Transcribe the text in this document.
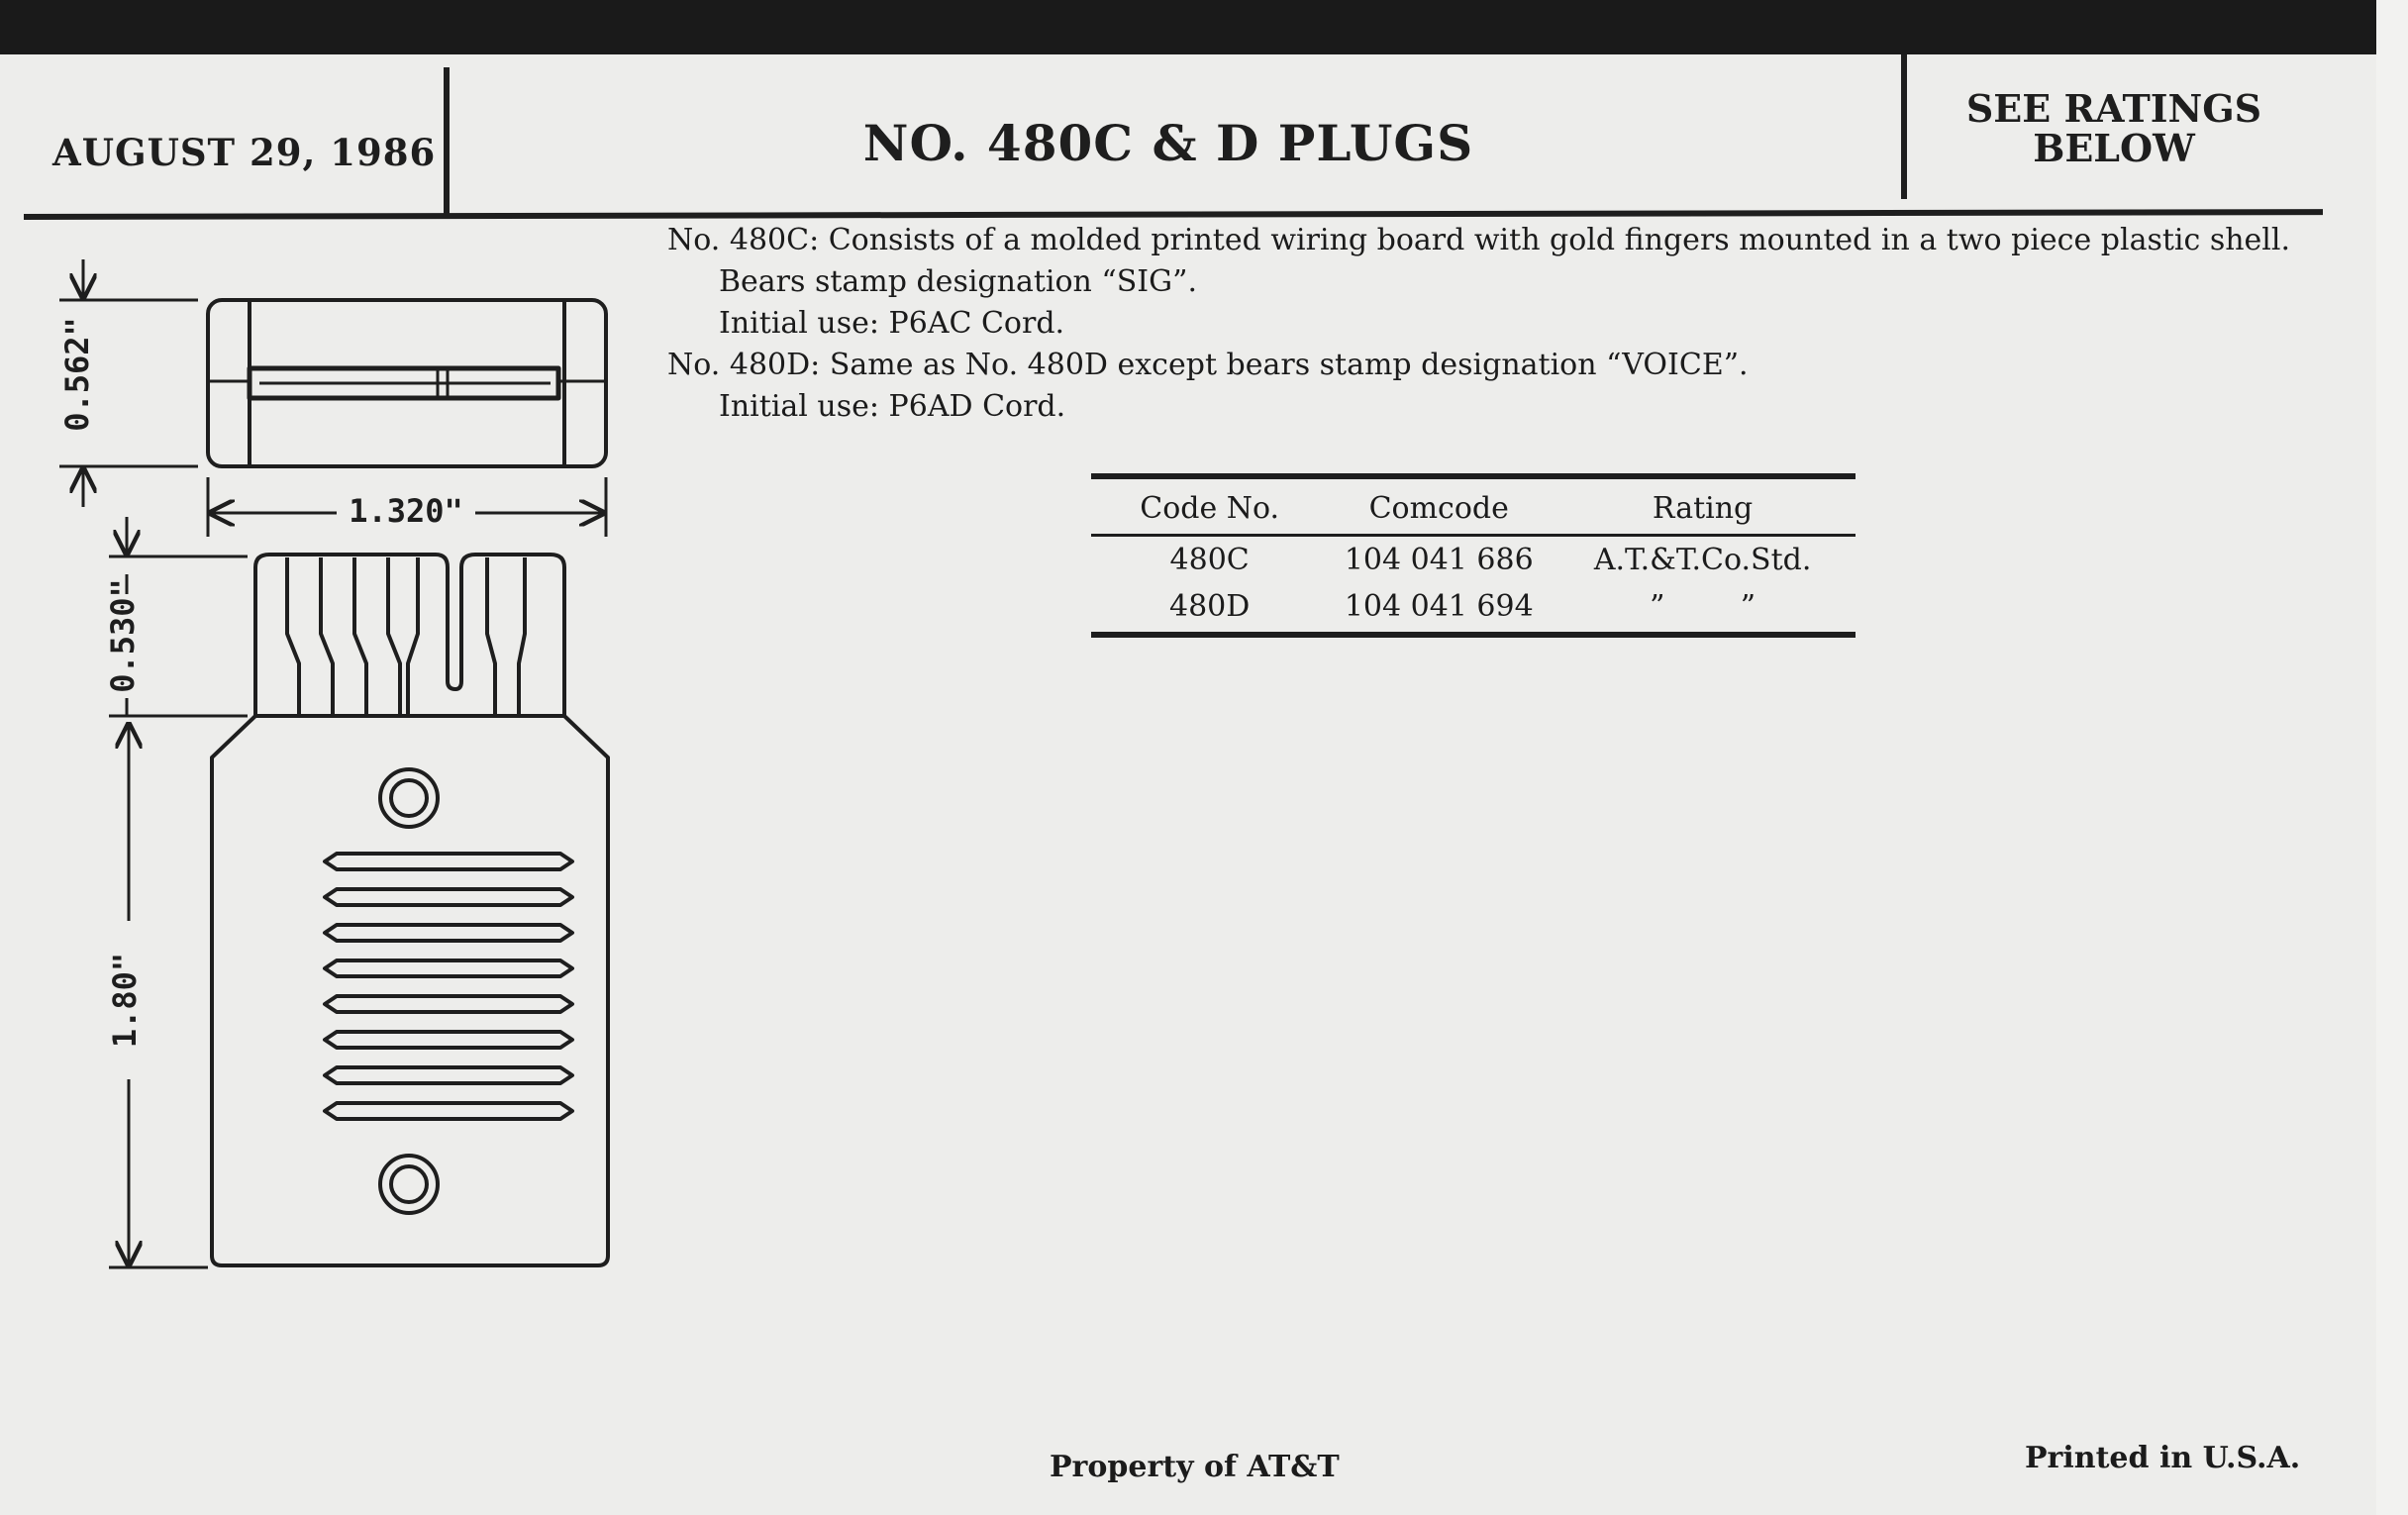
AUGUST 29, 1986	NO. 480C & D PLUGS
SEE RATINGS
BELOW
No. 480C: Consists of a molded printed wiring board with gold fingers mounted in a two piece plastic shell.
Bears stamp designation “SIG”.
Initial use: P6AC Cord.
No. 480D: Same as No. 480D except bears stamp designation “VOICE”.
Initial use: P6AD Cord.
Code No.	Comcode	Rating
480C	104 041 686	A.T.&T.Co.Std.
480D	104 041 694	”        ”
0.562"
1.320"
0.530"
1.80"
Property of AT&T	Printed in U.S.A.
